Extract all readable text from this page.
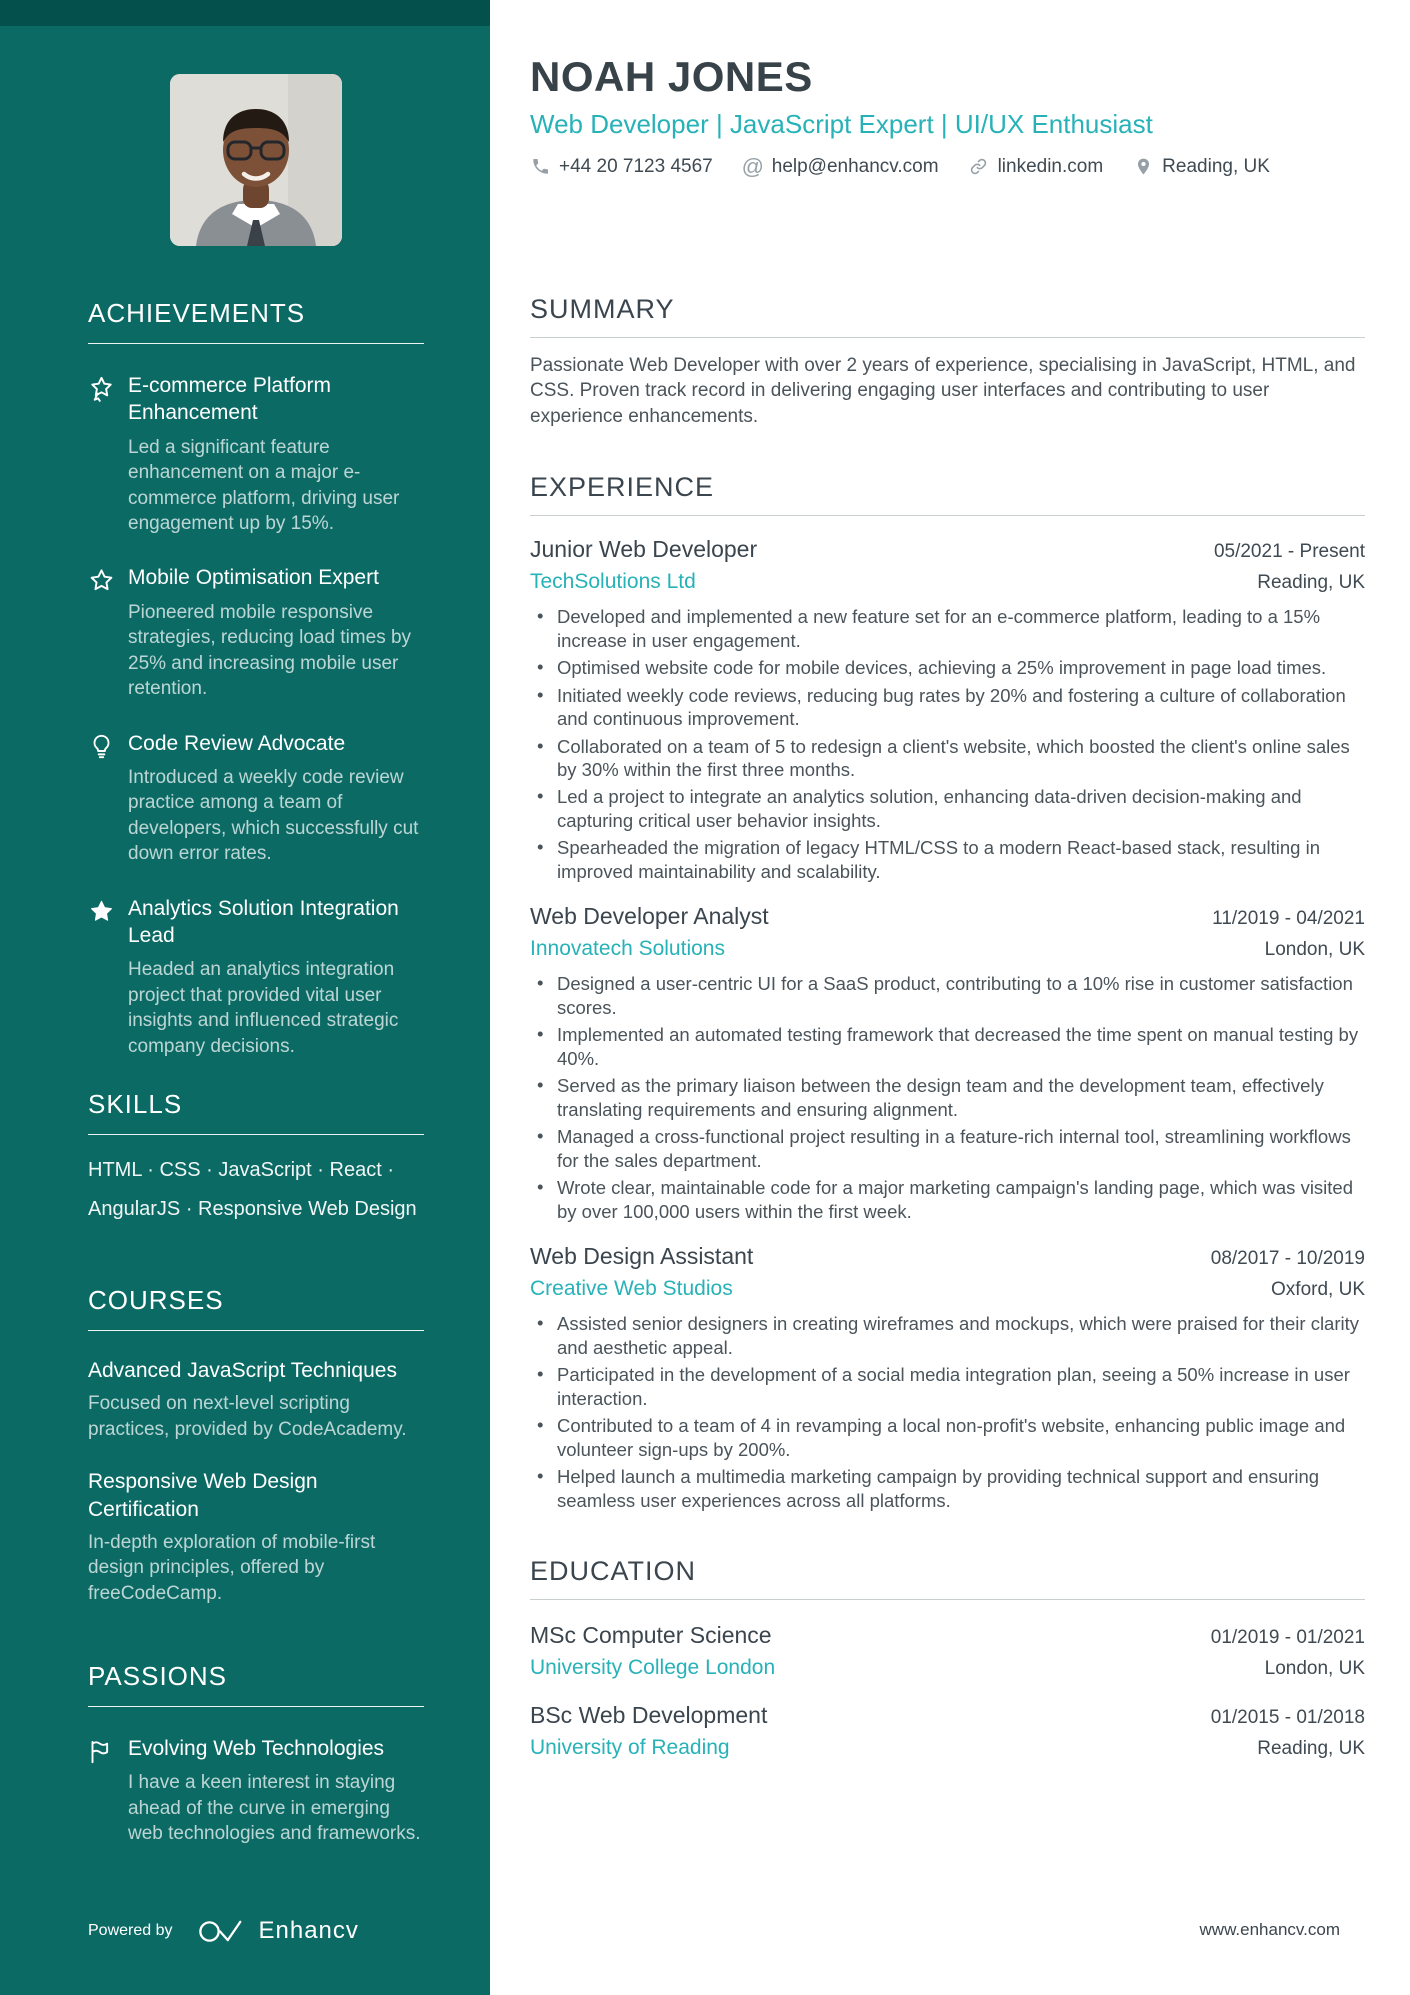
ACHIEVEMENTS
E-commerce Platform Enhancement

Led a significant feature enhancement on a major e-commerce platform, driving user engagement up by 15%.

Mobile Optimisation Expert

Pioneered mobile responsive strategies, reducing load times by 25% and increasing mobile user retention.

Code Review Advocate

Introduced a weekly code review practice among a team of developers, which successfully cut down error rates.

Analytics Solution Integration Lead

Headed an analytics integration project that provided vital user insights and influenced strategic company decisions.

SKILLS

HTML · CSS · JavaScript · React · AngularJS · Responsive Web Design

COURSES
Advanced JavaScript Techniques

Focused on next-level scripting practices, provided by CodeAcademy.

Responsive Web Design Certification

In-depth exploration of mobile-first design principles, offered by freeCodeCamp.

PASSIONS
Evolving Web Technologies

I have a keen interest in staying ahead of the curve in emerging web technologies and frameworks.

Powered by	Enhancv
NOAH JONES

Web Developer | JavaScript Expert | UI/UX Enthusiast

+44 20 7123 4567 @ help@enhancv.com	linkedin.com	Reading, UK
SUMMARY

Passionate Web Developer with over 2 years of experience, specialising in JavaScript, HTML, and CSS. Proven track record in delivering engaging user interfaces and contributing to user experience enhancements.

EXPERIENCE
Junior Web Developer	05/2021 - Present
TechSolutions Ltd	Reading, UK
• Developed and implemented a new feature set for an e-commerce platform, leading to a 15% increase in user engagement.
• Optimised website code for mobile devices, achieving a 25% improvement in page load times.
• Initiated weekly code reviews, reducing bug rates by 20% and fostering a culture of collaboration and continuous improvement.
• Collaborated on a team of 5 to redesign a client's website, which boosted the client's online sales by 30% within the first three months.
• Led a project to integrate an analytics solution, enhancing data-driven decision-making and capturing critical user behavior insights.
• Spearheaded the migration of legacy HTML/CSS to a modern React-based stack, resulting in improved maintainability and scalability.
Web Developer Analyst	11/2019 - 04/2021
Innovatech Solutions	London, UK
• Designed a user-centric UI for a SaaS product, contributing to a 10% rise in customer satisfaction scores.
• Implemented an automated testing framework that decreased the time spent on manual testing by 40%.
• Served as the primary liaison between the design team and the development team, effectively translating requirements and ensuring alignment.
• Managed a cross-functional project resulting in a feature-rich internal tool, streamlining workflows for the sales department.
• Wrote clear, maintainable code for a major marketing campaign's landing page, which was visited by over 100,000 users within the first week.
Web Design Assistant	08/2017 - 10/2019
Creative Web Studios	Oxford, UK
• Assisted senior designers in creating wireframes and mockups, which were praised for their clarity and aesthetic appeal.
• Participated in the development of a social media integration plan, seeing a 50% increase in user interaction.
• Contributed to a team of 4 in revamping a local non-profit's website, enhancing public image and volunteer sign-ups by 200%.
• Helped launch a multimedia marketing campaign by providing technical support and ensuring seamless user experiences across all platforms.
EDUCATION
MSc Computer Science	01/2019 - 01/2021
University College London	London, UK
BSc Web Development	01/2015 - 01/2018
University of Reading	Reading, UK
www.enhancv.com
